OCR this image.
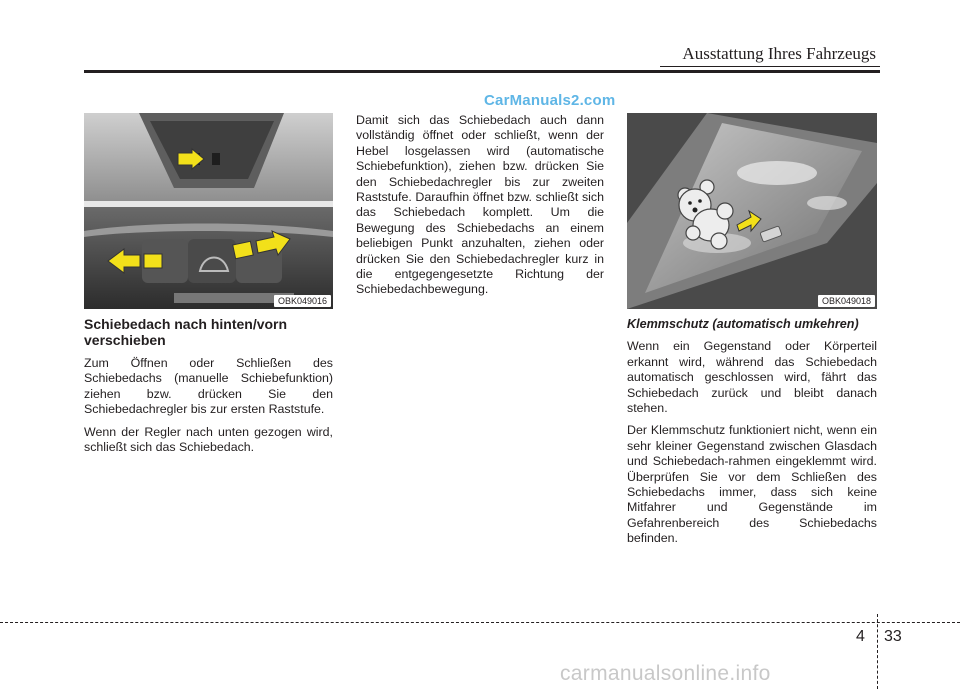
Ausstattung Ihres Fahrzeugs
CarManuals2.com
OBK049016	OBK049018
Schiebedach nach hinten/vorn verschieben

Zum Öffnen oder Schließen des Schiebedachs (manuelle Schiebefunktion) ziehen bzw. drücken Sie den Schiebedachregler bis zur ersten Raststufe.

Wenn der Regler nach unten gezogen wird, schließt sich das Schiebedach.

Damit sich das Schiebedach auch dann vollständig öffnet oder schließt, wenn der Hebel losgelassen wird (automatische Schiebefunktion), ziehen bzw. drücken Sie den Schiebedachregler bis zur zweiten Raststufe. Daraufhin öffnet bzw. schließt sich das Schiebedach komplett. Um die Bewegung des Schiebedachs an einem beliebigen Punkt anzuhalten, ziehen oder drücken Sie den Schiebedachregler kurz in die entgegengesetzte Richtung der Schiebedachbewegung.

Klemmschutz (automatisch umkehren)

Wenn ein Gegenstand oder Körperteil erkannt wird, während das Schiebedach automatisch geschlossen wird, fährt das Schiebedach zurück und bleibt danach stehen.

Der Klemmschutz funktioniert nicht, wenn ein sehr kleiner Gegenstand zwischen Glasdach und Schiebedach-rahmen eingeklemmt wird. Überprüfen Sie vor dem Schließen des Schiebedachs immer, dass sich keine Mitfahrer und Gegenstände im Gefahrenbereich des Schiebedachs befinden.

4 33
carmanualsonline.info
